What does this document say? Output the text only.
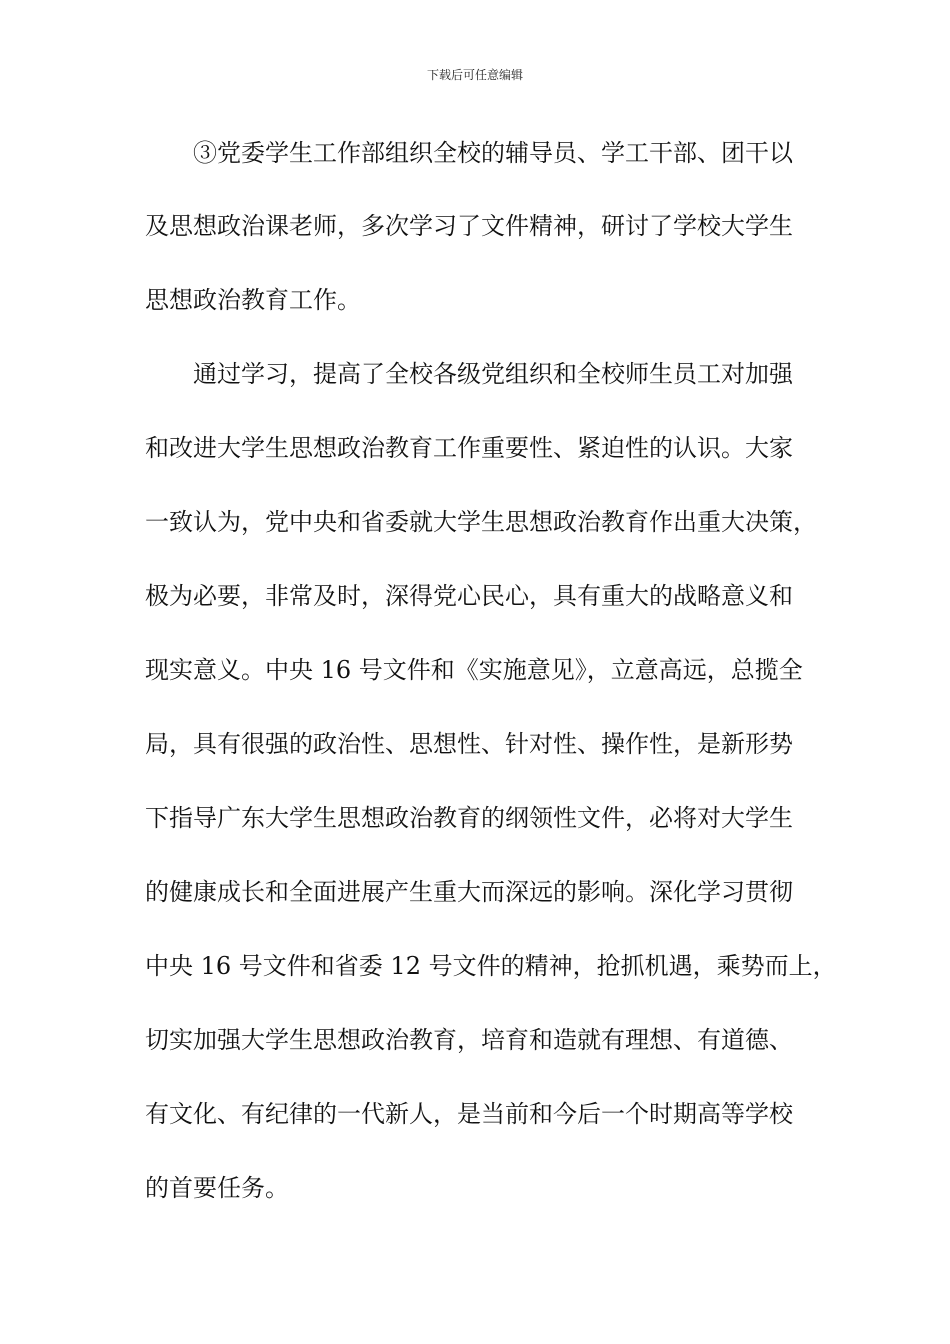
下载后可任意编辑
　　③党委学生工作部组织全校的辅导员、学工干部、团干以
及思想政治课老师，多次学习了文件精神，研讨了学校大学生
思想政治教育工作。
　　通过学习，提高了全校各级党组织和全校师生员工对加强
和改进大学生思想政治教育工作重要性、紧迫性的认识。大家
一致认为，党中央和省委就大学生思想政治教育作出重大决策，
极为必要，非常及时，深得党心民心，具有重大的战略意义和
现实意义。中央 16 号文件和《实施意见》，立意高远，总揽全
局，具有很强的政治性、思想性、针对性、操作性，是新形势
下指导广东大学生思想政治教育的纲领性文件，必将对大学生
的健康成长和全面进展产生重大而深远的影响。深化学习贯彻
中央 16 号文件和省委 12 号文件的精神，抢抓机遇，乘势而上，
切实加强大学生思想政治教育，培育和造就有理想、有道德、
有文化、有纪律的一代新人，是当前和今后一个时期高等学校
的首要任务。
